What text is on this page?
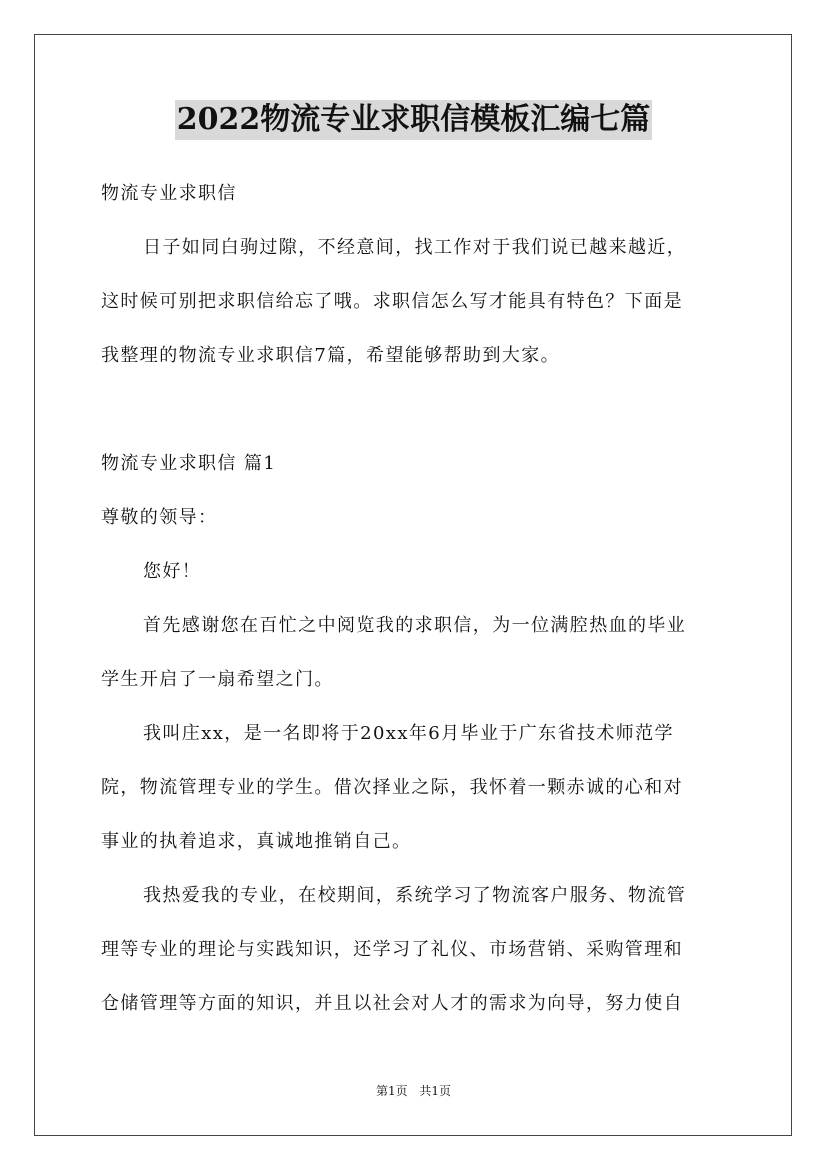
2022物流专业求职信模板汇编七篇
物流专业求职信
日子如同白驹过隙，不经意间，找工作对于我们说已越来越近，
这时候可别把求职信给忘了哦。求职信怎么写才能具有特色？下面是
我整理的物流专业求职信7篇，希望能够帮助到大家。
物流专业求职信 篇1
尊敬的领导：
您好！
首先感谢您在百忙之中阅览我的求职信，为一位满腔热血的毕业
学生开启了一扇希望之门。
我叫庄xx，是一名即将于20xx年6月毕业于广东省技术师范学
院，物流管理专业的学生。借次择业之际，我怀着一颗赤诚的心和对
事业的执着追求，真诚地推销自己。
我热爱我的专业，在校期间，系统学习了物流客户服务、物流管
理等专业的理论与实践知识，还学习了礼仪、市场营销、采购管理和
仓储管理等方面的知识，并且以社会对人才的需求为向导，努力使自
第1页 共1页
